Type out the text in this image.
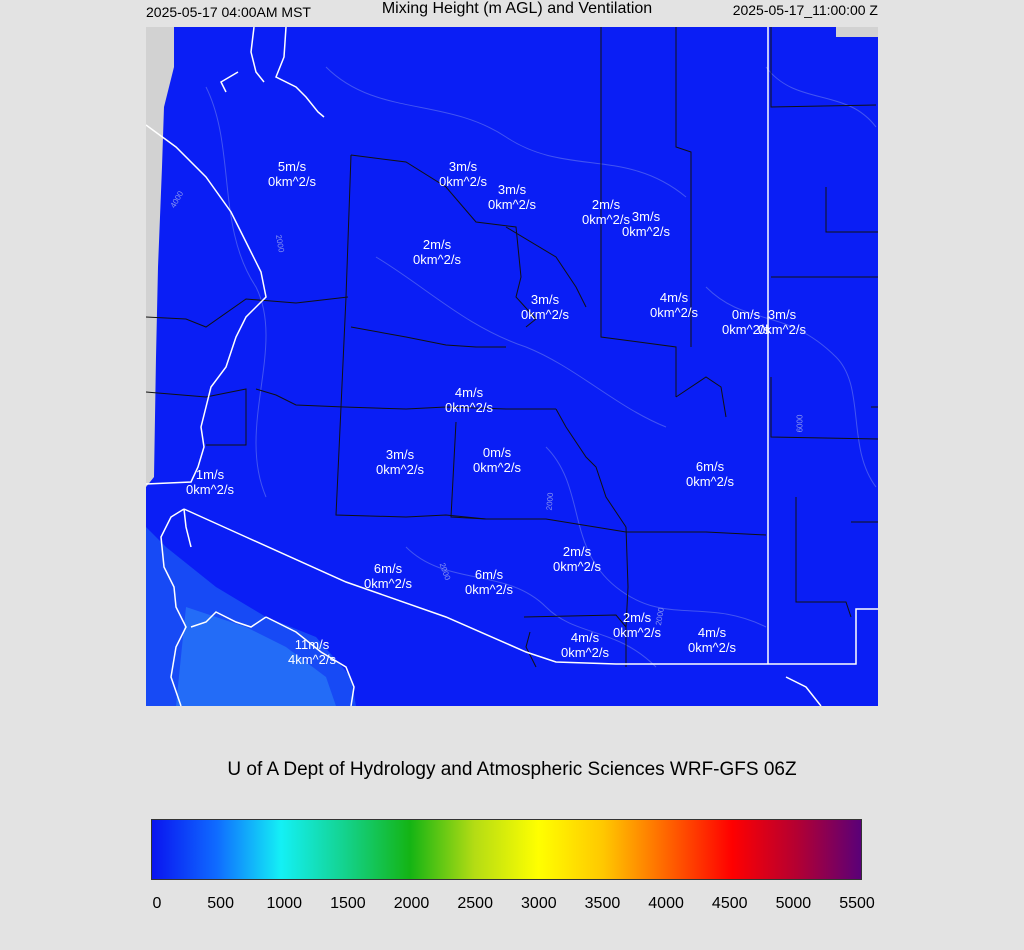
2025-05-17 04:00AM MST	Mixing Height (m AGL) and Ventilation	2025-05-17_11:00:00 Z
4000
2000
2000
2000
2000
6000
5m/s
0km^2/s
3m/s
0km^2/s
3m/s
0km^2/s	2m/s
0km^2/s 3m/s
0km^2/s
2m/s
0km^2/s
3m/s
0km^2/s
4m/s
0km^2/s	0m/s
0km^2/s
3m/s
0km^2/s
4m/s
0km^2/s
3m/s
0km^2/s
0m/s
0km^2/s	6m/s
0km^2/s
1m/s
0km^2/s
2m/s
0km^2/s
6m/s
0km^2/s
6m/s
0km^2/s
2m/s
0km^2/s
4m/s
0km^2/s
4m/s
0km^2/s
11m/s
4km^2/s
U of A Dept of Hydrology and Atmospheric Sciences WRF-GFS 06Z
0	500 1000 1500 2000 2500 3000 3500 4000 4500 5000 5500
